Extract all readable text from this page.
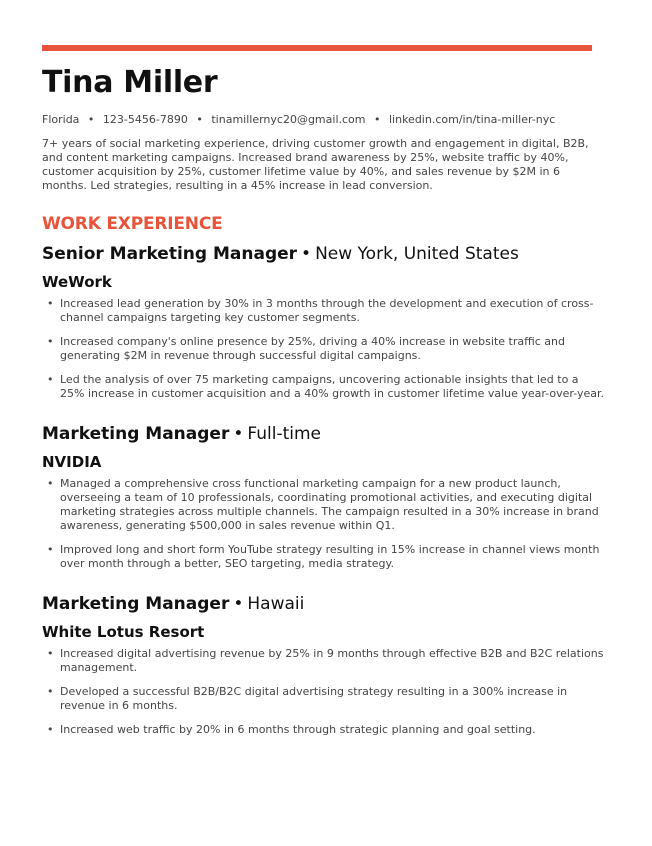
Tina Miller
Florida • 123-5456-7890 • tinamillernyc20@gmail.com • linkedin.com/in/tina-miller-nyc

7+ years of social marketing experience, driving customer growth and engagement in digital, B2B, and content marketing campaigns. Increased brand awareness by 25%, website traffic by 40%, customer acquisition by 25%, customer lifetime value by 40%, and sales revenue by $2M in 6 months. Led strategies, resulting in a 45% increase in lead conversion.

WORK EXPERIENCE
Senior Marketing Manager • New York, United States
WeWork
• Increased lead generation by 30% in 3 months through the development and execution of cross-channel campaigns targeting key customer segments.
• Increased company's online presence by 25%, driving a 40% increase in website traffic and generating $2M in revenue through successful digital campaigns.
• Led the analysis of over 75 marketing campaigns, uncovering actionable insights that led to a 25% increase in customer acquisition and a 40% growth in customer lifetime value year-over-year.
Marketing Manager • Full-time
NVIDIA
• Managed a comprehensive cross functional marketing campaign for a new product launch, overseeing a team of 10 professionals, coordinating promotional activities, and executing digital marketing strategies across multiple channels. The campaign resulted in a 30% increase in brand awareness, generating $500,000 in sales revenue within Q1.
• Improved long and short form YouTube strategy resulting in 15% increase in channel views month over month through a better, SEO targeting, media strategy.
Marketing Manager • Hawaii
White Lotus Resort
• Increased digital advertising revenue by 25% in 9 months through effective B2B and B2C relations management.
• Developed a successful B2B/B2C digital advertising strategy resulting in a 300% increase in revenue in 6 months.
• Increased web traffic by 20% in 6 months through strategic planning and goal setting.
